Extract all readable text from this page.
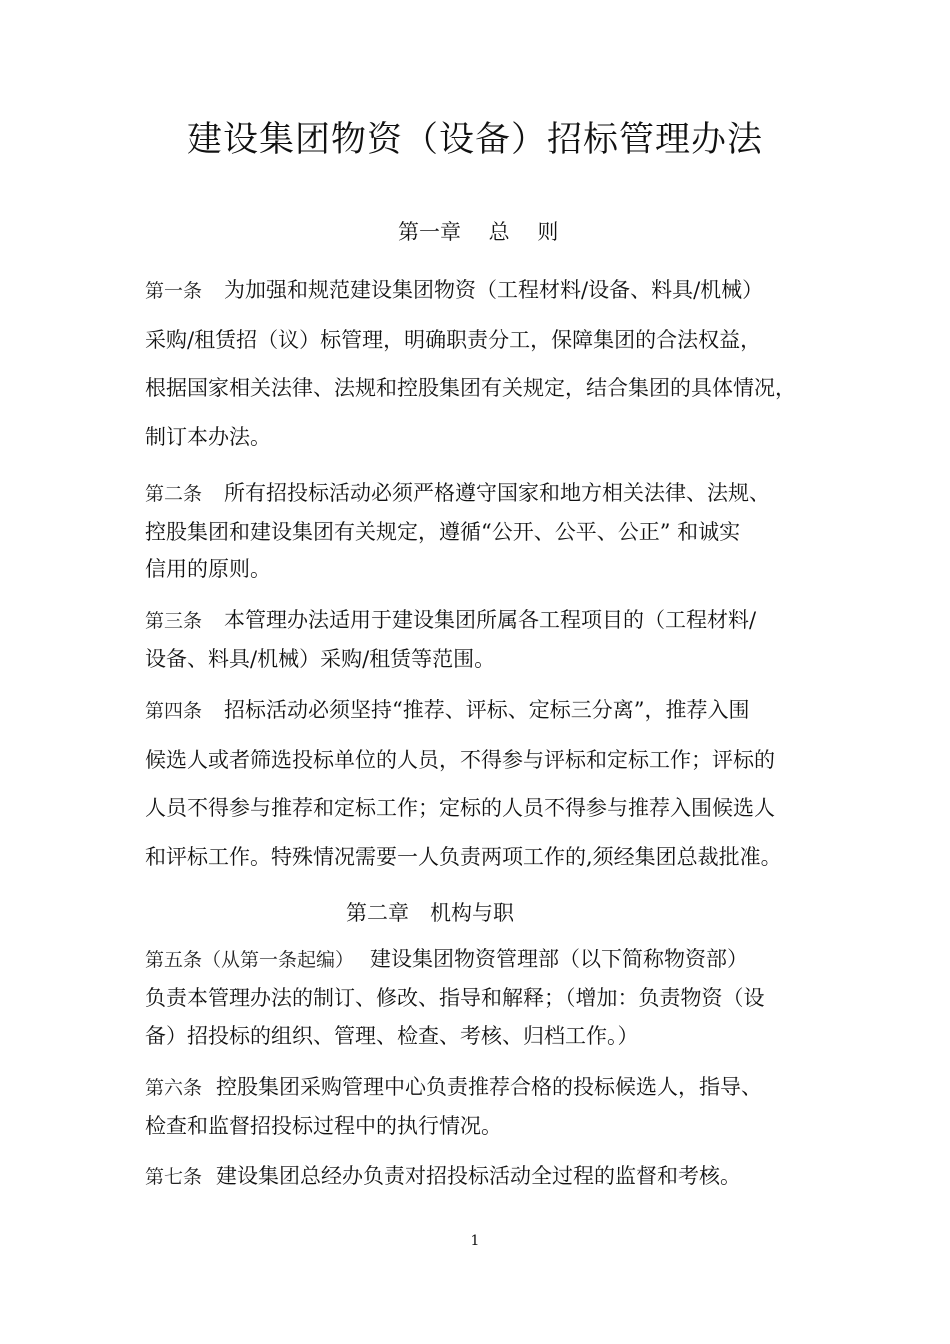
建设集团物资（设备）招标管理办法
第一章　 总　 则
第一条 为加强和规范建设集团物资（工程材料/设备、料具/机械）
采购/租赁招（议）标管理，明确职责分工，保障集团的合法权益，
根据国家相关法律、法规和控股集团有关规定，结合集团的具体情况，
制订本办法。
第二条 所有招投标活动必须严格遵守国家和地方相关法律、法规、
控股集团和建设集团有关规定，遵循“公开、公平、公正” 和诚实
信用的原则。
第三条 本管理办法适用于建设集团所属各工程项目的（工程材料/
设备、料具/机械）采购/租赁等范围。
第四条 招标活动必须坚持“推荐、评标、定标三分离”，推荐入围
候选人或者筛选投标单位的人员，不得参与评标和定标工作；评标的
人员不得参与推荐和定标工作；定标的人员不得参与推荐入围候选人
和评标工作。特殊情况需要一人负责两项工作的,须经集团总裁批准。
第二章　机构与职
第五条（从第一条起编） 建设集团物资管理部（以下简称物资部）
负责本管理办法的制订、修改、指导和解释；（增加：负责物资（设
备）招投标的组织、管理、检查、考核、归档工作。）
第六条 控股集团采购管理中心负责推荐合格的投标候选人，指导、
检查和监督招投标过程中的执行情况。
第七条 建设集团总经办负责对招投标活动全过程的监督和考核。
1
